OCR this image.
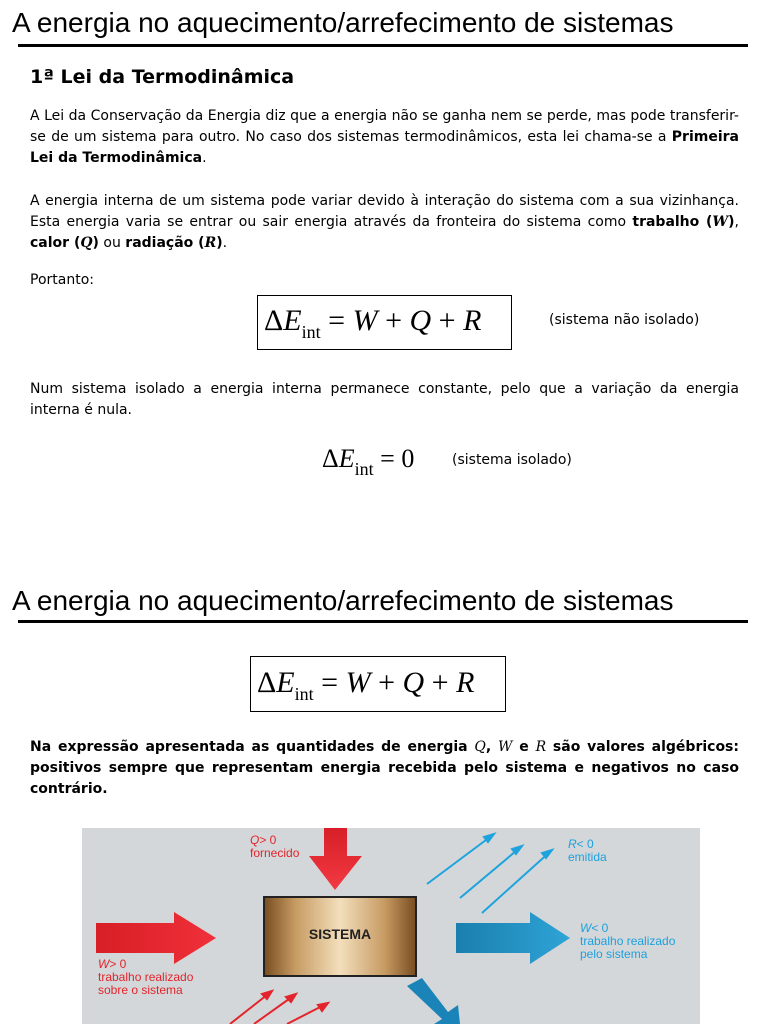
A energia no aquecimento/arrefecimento de sistemas
1ª Lei da Termodinâmica
A Lei da Conservação da Energia diz que a energia não se ganha nem se perde, mas pode transferir-se de um sistema para outro. No caso dos sistemas termodinâmicos, esta lei chama-se a Primeira Lei da Termodinâmica.
A energia interna de um sistema pode variar devido à interação do sistema com a sua vizinhança. Esta energia varia se entrar ou sair energia através da fronteira do sistema como trabalho (W), calor (Q) ou radiação (R).
Portanto:
$\Delta E_{int} = W + Q + R$	(sistema não isolado)
Num sistema isolado a energia interna permanece constante, pelo que a variação da energia interna é nula.
$\Delta E_{int} = 0$	(sistema isolado)
A energia no aquecimento/arrefecimento de sistemas
$\Delta E_{int} = W + Q + R$
Na expressão apresentada as quantidades de energia Q, W e R são valores algébricos: positivos sempre que representam energia recebida pelo sistema e negativos no caso contrário.
SISTEMA
Q> 0
fornecido
R< 0
emitida
W> 0
trabalho realizado
sobre o sistema
W< 0
trabalho realizado
pelo sistema
